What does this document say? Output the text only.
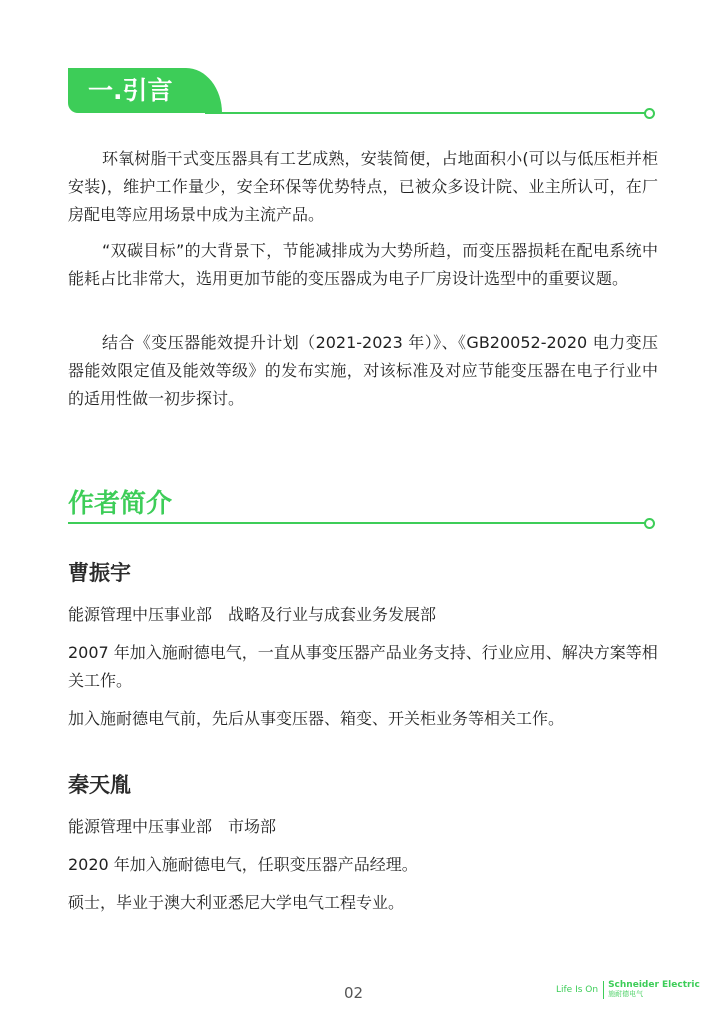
一.引言

环氧树脂干式变压器具有工艺成熟，安装简便，占地面积小(可以与低压柜并柜安装)，维护工作量少，安全环保等优势特点，已被众多设计院、业主所认可，在厂房配电等应用场景中成为主流产品。

“双碳目标”的大背景下，节能减排成为大势所趋，而变压器损耗在配电系统中能耗占比非常大，选用更加节能的变压器成为电子厂房设计选型中的重要议题。

结合《变压器能效提升计划（2021-2023 年）》、《GB20052-2020 电力变压器能效限定值及能效等级》的发布实施，对该标准及对应节能变压器在电子行业中的适用性做一初步探讨。

作者简介
曹振宇

能源管理中压事业部　战略及行业与成套业务发展部

2007 年加入施耐德电气，一直从事变压器产品业务支持、行业应用、解决方案等相关工作。

加入施耐德电气前，先后从事变压器、箱变、开关柜业务等相关工作。

秦天胤

能源管理中压事业部　市场部

2020 年加入施耐德电气，任职变压器产品经理。

硕士，毕业于澳大利亚悉尼大学电气工程专业。

02	Life Is On	Schneider Electric
施耐德电气
